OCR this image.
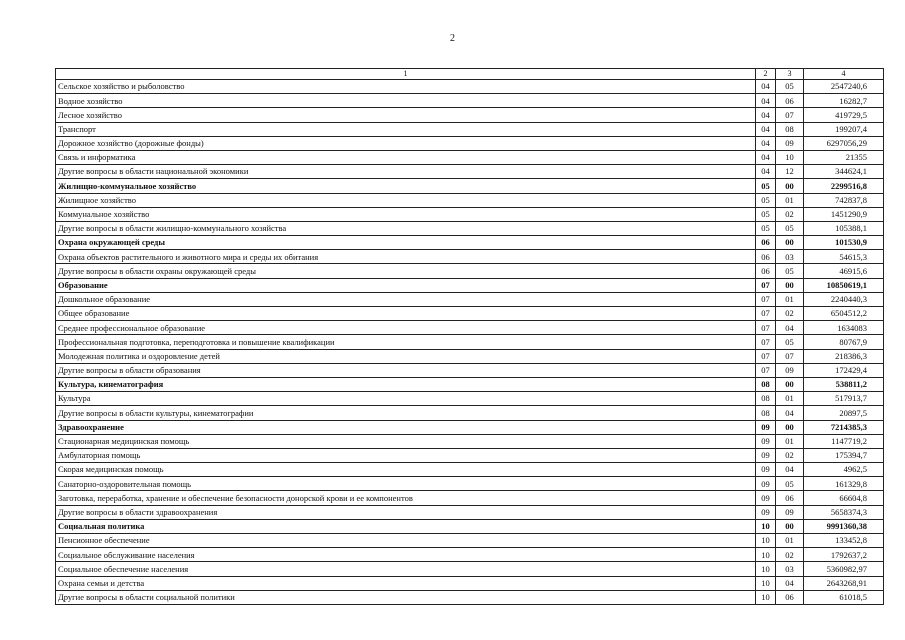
2
1	2	3	4
Сельское хозяйство и рыболовство	04	05	2547240,6
Водное хозяйство	04	06	16282,7
Лесное хозяйство	04	07	419729,5
Транспорт	04	08	199207,4
Дорожное хозяйство (дорожные фонды)	04	09	6297056,29
Связь и информатика	04	10	21355
Другие вопросы в области национальной экономики	04	12	344624,1
Жилищно-коммунальное хозяйство	05	00	2299516,8
Жилищное хозяйство	05	01	742837,8
Коммунальное хозяйство	05	02	1451290,9
Другие вопросы в области жилищно-коммунального хозяйства	05	05	105388,1
Охрана окружающей среды	06	00	101530,9
Охрана объектов растительного и животного мира и среды их обитания	06	03	54615,3
Другие вопросы в области охраны окружающей среды	06	05	46915,6
Образование	07	00	10850619,1
Дошкольное образование	07	01	2240440,3
Общее образование	07	02	6504512,2
Среднее профессиональное образование	07	04	1634083
Профессиональная подготовка, переподготовка и повышение квалификации	07	05	80767,9
Молодежная политика и оздоровление детей	07	07	218386,3
Другие вопросы в области образования	07	09	172429,4
Культура, кинематография	08	00	538811,2
Культура	08	01	517913,7
Другие вопросы в области культуры, кинематографии	08	04	20897,5
Здравоохранение	09	00	7214385,3
Стационарная медицинская помощь	09	01	1147719,2
Амбулаторная помощь	09	02	175394,7
Скорая медицинская помощь	09	04	4962,5
Санаторно-оздоровительная помощь	09	05	161329,8
Заготовка, переработка, хранение и обеспечение безопасности донорской крови и ее компонентов	09	06	66604,8
Другие вопросы в области здравоохранения	09	09	5658374,3
Социальная политика	10	00	9991360,38
Пенсионное обеспечение	10	01	133452,8
Социальное обслуживание населения	10	02	1792637,2
Социальное обеспечение населения	10	03	5360982,97
Охрана семьи и детства	10	04	2643268,91
Другие вопросы в области социальной политики	10	06	61018,5
